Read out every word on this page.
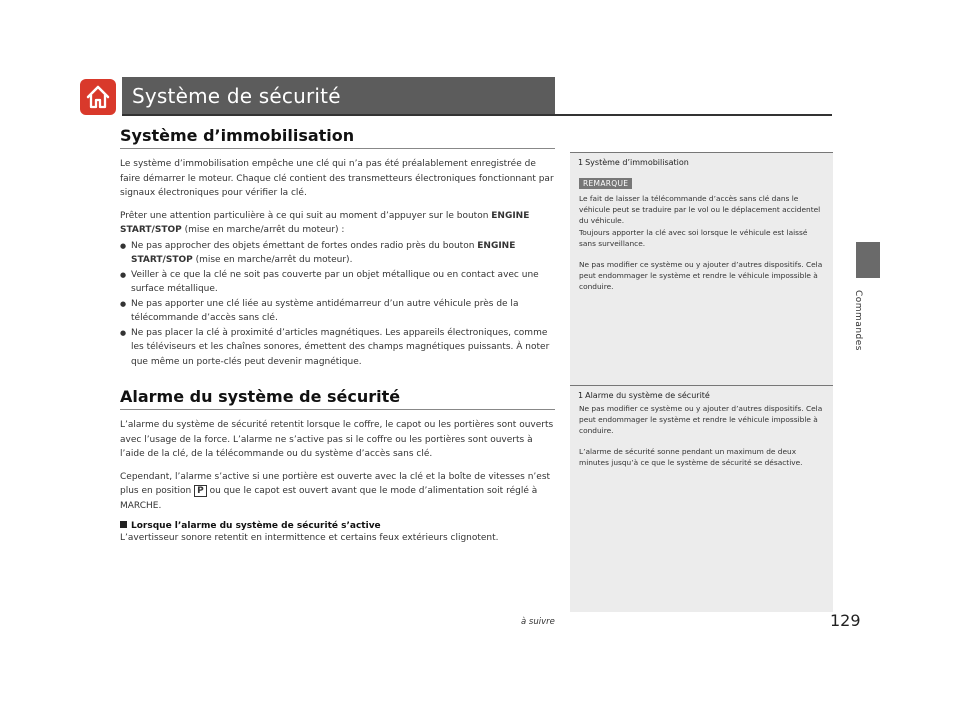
Système de sécurité
Système d’immobilisation

Le système d’immobilisation empêche une clé qui n’a pas été préalablement enregistrée de faire démarrer le moteur. Chaque clé contient des transmetteurs électroniques fonctionnant par signaux électroniques pour vérifier la clé.

Prêter une attention particulière à ce qui suit au moment d’appuyer sur le bouton ENGINE START/STOP (mise en marche/arrêt du moteur) :

● Ne pas approcher des objets émettant de fortes ondes radio près du bouton ENGINE START/STOP (mise en marche/arrêt du moteur).
● Veiller à ce que la clé ne soit pas couverte par un objet métallique ou en contact avec une surface métallique.
● Ne pas apporter une clé liée au système antidémarreur d’un autre véhicule près de la télécommande d’accès sans clé.
● Ne pas placer la clé à proximité d’articles magnétiques. Les appareils électroniques, comme les téléviseurs et les chaînes sonores, émettent des champs magnétiques puissants. À noter que même un porte-clés peut devenir magnétique.
Alarme du système de sécurité

L’alarme du système de sécurité retentit lorsque le coffre, le capot ou les portières sont ouverts avec l’usage de la force. L’alarme ne s’active pas si le coffre ou les portières sont ouverts à l’aide de la clé, de la télécommande ou du système d’accès sans clé.

Cependant, l’alarme s’active si une portière est ouverte avec la clé et la boîte de vitesses n’est plus en position P ou que le capot est ouvert avant que le mode d’alimentation soit réglé à MARCHE.

Lorsque l’alarme du système de sécurité s’active

L’avertisseur sonore retentit en intermittence et certains feux extérieurs clignotent.

1 Système d’immobilisation

REMARQUE

Le fait de laisser la télécommande d’accès sans clé dans le véhicule peut se traduire par le vol ou le déplacement accidentel du véhicule.

Toujours apporter la clé avec soi lorsque le véhicule est laissé sans surveillance.

Ne pas modifier ce système ou y ajouter d’autres dispositifs. Cela peut endommager le système et rendre le véhicule impossible à conduire.

1 Alarme du système de sécurité

Ne pas modifier ce système ou y ajouter d’autres dispositifs. Cela peut endommager le système et rendre le véhicule impossible à conduire.

L’alarme de sécurité sonne pendant un maximum de deux minutes jusqu’à ce que le système de sécurité se désactive.

Commandes
à suivre	129
